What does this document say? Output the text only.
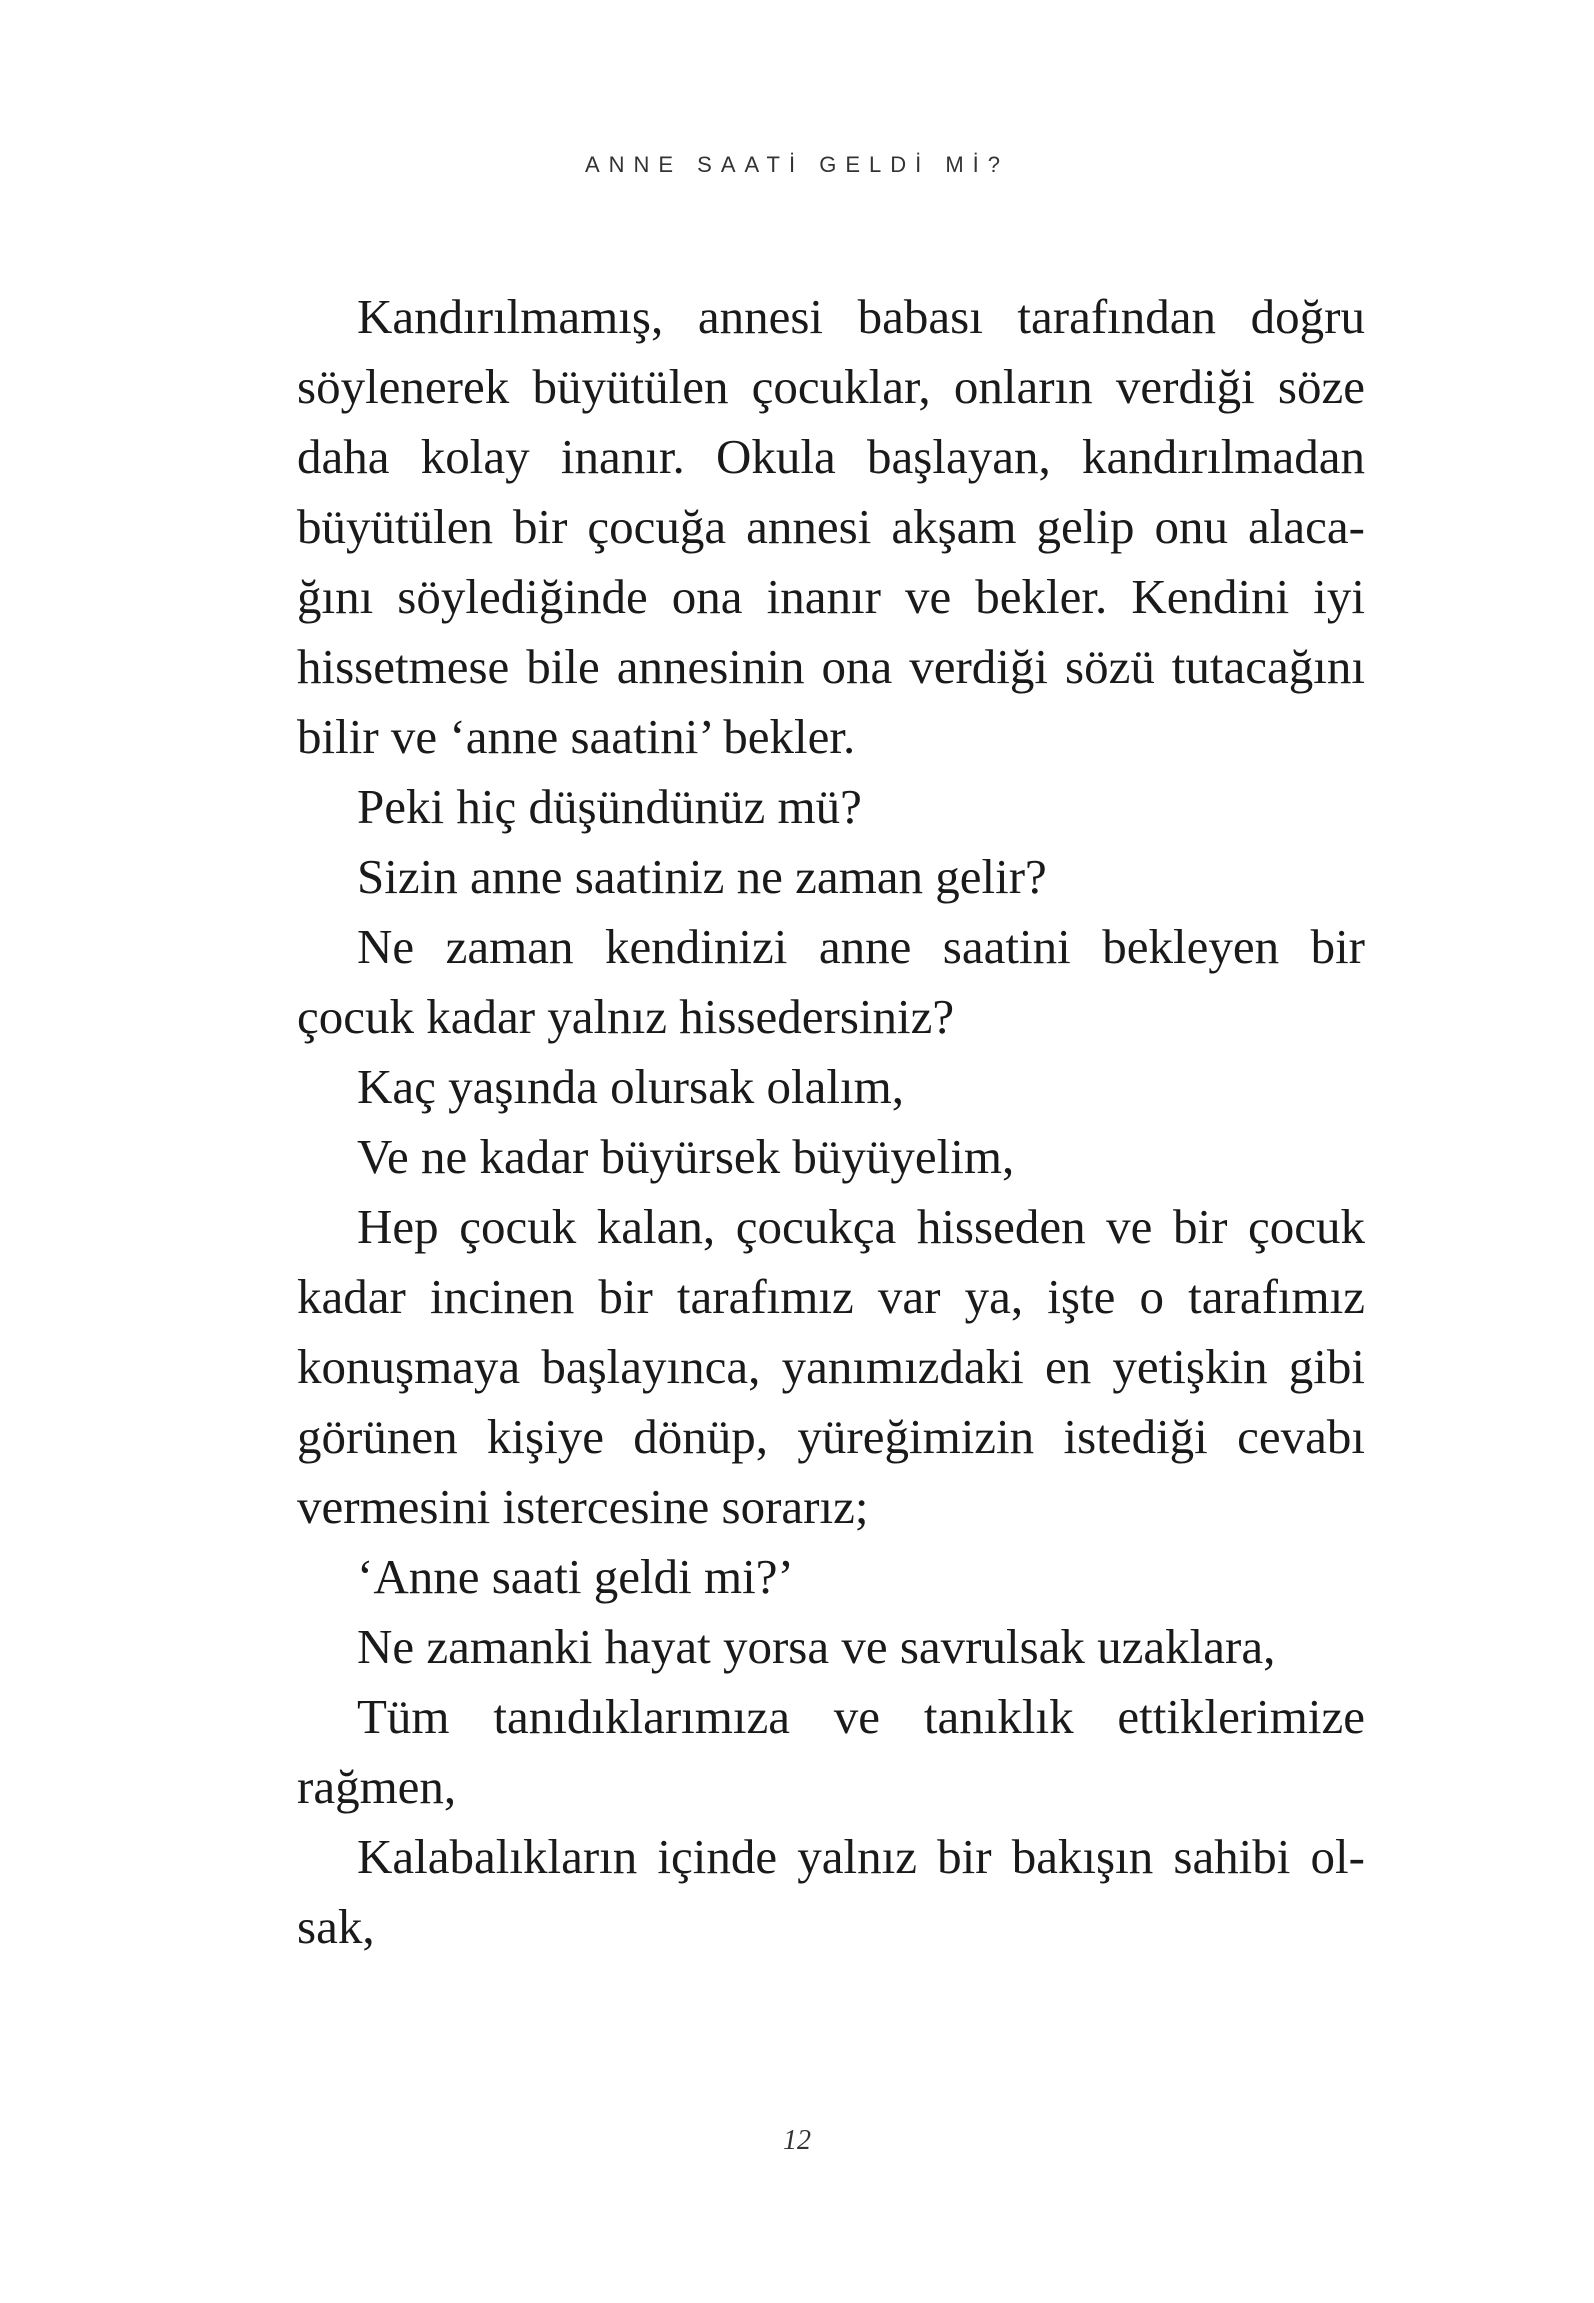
ANNE SAATİ GELDİ Mİ?

Kandırılmamış, annesi babası tarafından doğru söylenerek büyütülen çocuklar, onların verdiği söze daha kolay inanır. Okula başlayan, kandırılmadan büyütülen bir çocuğa annesi akşam gelip onu alacağını söylediğinde ona inanır ve bekler. Kendini iyi hissetmese bile annesinin ona verdiği sözü tutacağını bilir ve ‘anne saatini’ bekler.

Peki hiç düşündünüz mü?

Sizin anne saatiniz ne zaman gelir?

Ne zaman kendinizi anne saatini bekleyen bir çocuk kadar yalnız hissedersiniz?

Kaç yaşında olursak olalım,

Ve ne kadar büyürsek büyüyelim,

Hep çocuk kalan, çocukça hisseden ve bir çocuk kadar incinen bir tarafımız var ya, işte o tarafımız konuşmaya başlayınca, yanımızdaki en yetişkin gibi görünen kişiye dönüp, yüreğimizin istediği cevabı vermesini istercesine sorarız;

‘Anne saati geldi mi?’

Ne zamanki hayat yorsa ve savrulsak uzaklara,

Tüm tanıdıklarımıza ve tanıklık ettiklerimize rağmen,

Kalabalıkların içinde yalnız bir bakışın sahibi olsak,

12
